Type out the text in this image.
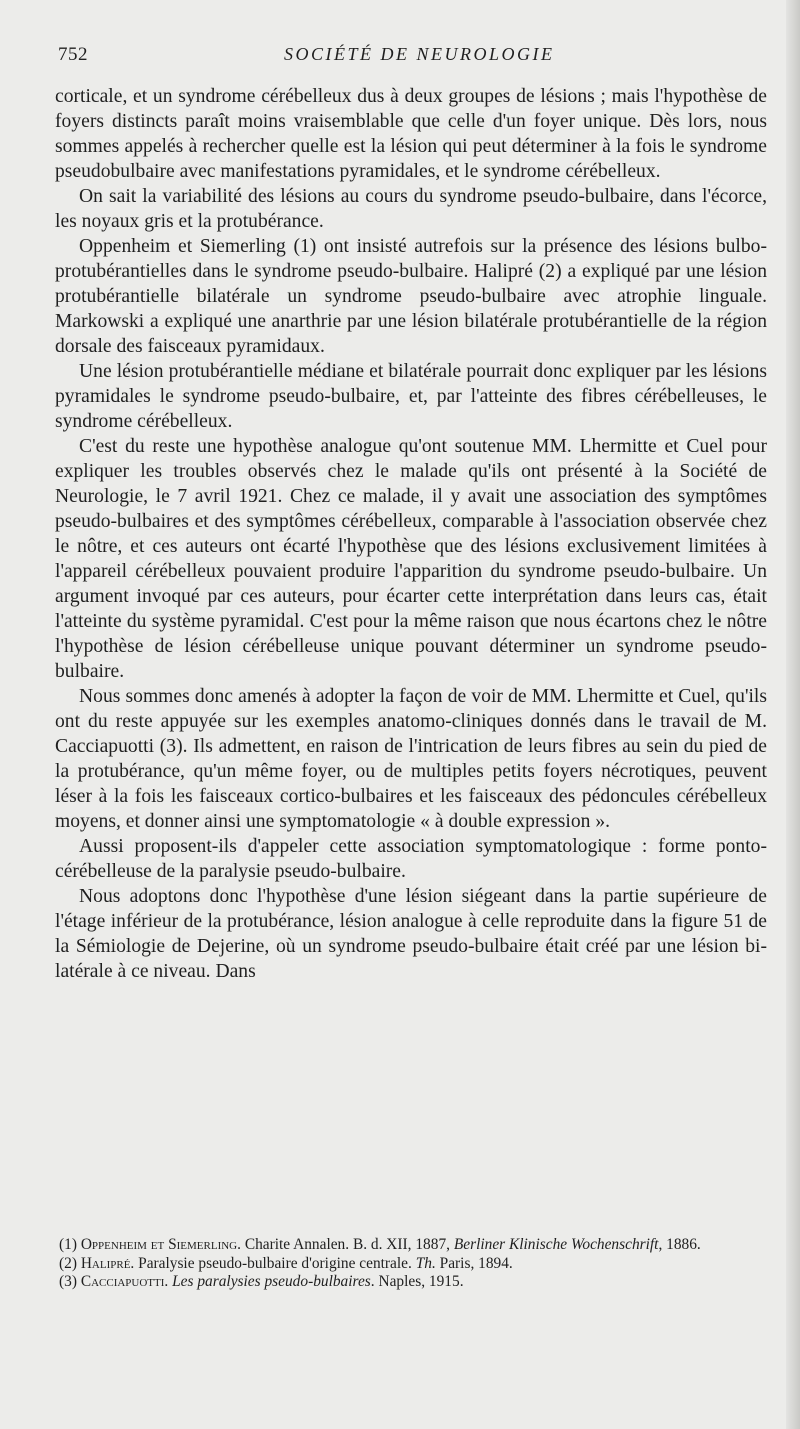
752	SOCIÉTÉ DE NEUROLOGIE

corticale, et un syndrome cérébelleux dus à deux groupes de lésions ; mais l'hypothèse de foyers distincts paraît moins vraisemblable que celle d'un foyer unique. Dès lors, nous sommes appelés à rechercher quelle est la lésion qui peut déterminer à la fois le syndrome pseudobulbaire avec manifestations pyramidales, et le syndrome cérébelleux.

On sait la variabilité des lésions au cours du syndrome pseudo-bulbaire, dans l'écorce, les noyaux gris et la protubérance.

Oppenheim et Siemerling (1) ont insisté autrefois sur la présence des lésions bulbo-protubérantielles dans le syndrome pseudo-bulbaire. Halipré (2) a expliqué par une lésion protubérantielle bilatérale un syndrome pseudo-bulbaire avec atrophie linguale. Markowski a expliqué une anarthrie par une lésion bilatérale protubérantielle de la région dorsale des faisceaux pyramidaux.

Une lésion protubérantielle médiane et bilatérale pourrait donc expliquer par les lésions pyramidales le syndrome pseudo-bulbaire, et, par l'atteinte des fibres cérébelleuses, le syndrome cérébelleux.

C'est du reste une hypothèse analogue qu'ont soutenue MM. Lhermitte et Cuel pour expliquer les troubles observés chez le malade qu'ils ont présenté à la Société de Neurologie, le 7 avril 1921. Chez ce malade, il y avait une association des symptômes pseudo-bulbaires et des symptômes cérébelleux, comparable à l'association observée chez le nôtre, et ces auteurs ont écarté l'hypothèse que des lésions exclusivement limitées à l'appareil cérébelleux pouvaient produire l'apparition du syndrome pseudo-bulbaire. Un argument invoqué par ces auteurs, pour écarter cette interprétation dans leurs cas, était l'atteinte du système pyramidal. C'est pour la même raison que nous écartons chez le nôtre l'hypothèse de lésion cérébelleuse unique pouvant déterminer un syndrome pseudo-bulbaire.

Nous sommes donc amenés à adopter la façon de voir de MM. Lhermitte et Cuel, qu'ils ont du reste appuyée sur les exemples anatomo-cliniques donnés dans le travail de M. Cacciapuotti (3). Ils admettent, en raison de l'intrication de leurs fibres au sein du pied de la protubérance, qu'un même foyer, ou de multiples petits foyers nécrotiques, peuvent léser à la fois les faisceaux cortico-bulbaires et les faisceaux des pédoncules cérébelleux moyens, et donner ainsi une symptomatologie « à double expression ».

Aussi proposent-ils d'appeler cette association symptomatologique : forme ponto-cérébelleuse de la paralysie pseudo-bulbaire.

Nous adoptons donc l'hypothèse d'une lésion siégeant dans la partie supérieure de l'étage inférieur de la protubérance, lésion analogue à celle reproduite dans la figure 51 de la Sémiologie de Dejerine, où un syndrome pseudo-bulbaire était créé par une lésion bi-latérale à ce niveau. Dans

(1) Oppenheim et Siemerling. Charite Annalen. B. d. XII, 1887, Berliner Klinische Wochenschrift, 1886.

(2) Halipré. Paralysie pseudo-bulbaire d'origine centrale. Th. Paris, 1894.

(3) Cacciapuotti. Les paralysies pseudo-bulbaires. Naples, 1915.
